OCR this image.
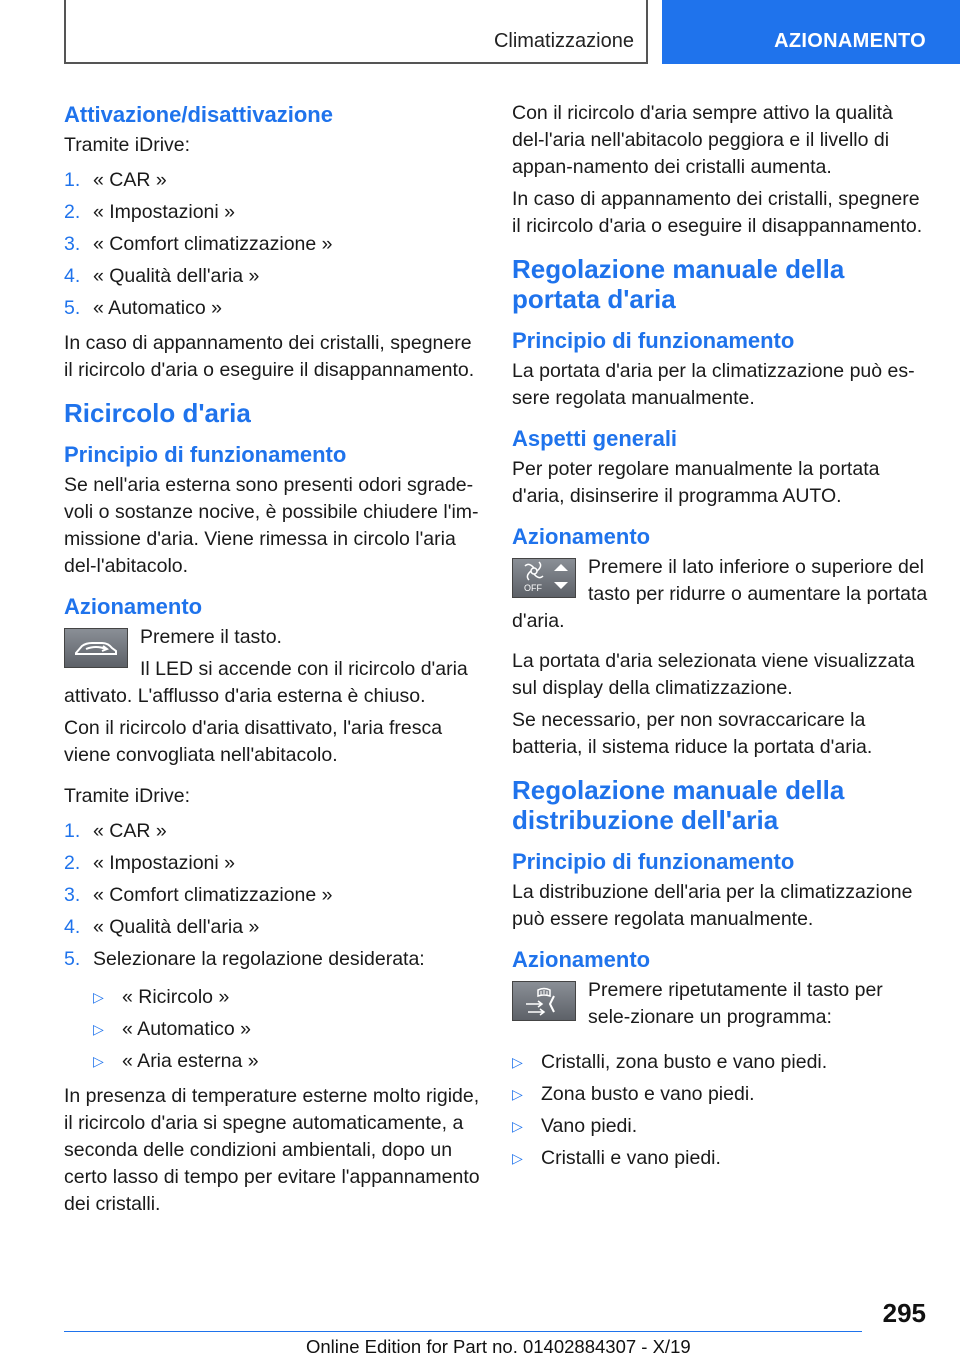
Climatizzazione	AZIONAMENTO
Attivazione/disattivazione

Tramite iDrive:

1. « CAR »
2. « Impostazioni »
3. « Comfort climatizzazione »
4. « Qualità dell'aria »
5. « Automatico »

In caso di appannamento dei cristalli, spegnere il ricircolo d'aria o eseguire il disappannamento.

Ricircolo d'aria
Principio di funzionamento

Se nell'aria esterna sono presenti odori sgrade-voli o sostanze nocive, è possibile chiudere l'im-missione d'aria. Viene rimessa in circolo l'aria del-l'abitacolo.

Azionamento

Premere il tasto.

Il LED si accende con il ricircolo d'aria attivato. L'afflusso d'aria esterna è chiuso.

Con il ricircolo d'aria disattivato, l'aria fresca viene convogliata nell'abitacolo.

Tramite iDrive:

1. « CAR »
2. « Impostazioni »
3. « Comfort climatizzazione »
4. « Qualità dell'aria »
5. Selezionare la regolazione desiderata:
▷ « Ricircolo »
▷ « Automatico »
▷ « Aria esterna »

In presenza di temperature esterne molto rigide, il ricircolo d'aria si spegne automaticamente, a seconda delle condizioni ambientali, dopo un certo lasso di tempo per evitare l'appannamento dei cristalli.

Con il ricircolo d'aria sempre attivo la qualità del-l'aria nell'abitacolo peggiora e il livello di appan-namento dei cristalli aumenta.

In caso di appannamento dei cristalli, spegnere il ricircolo d'aria o eseguire il disappannamento.

Regolazione manuale della portata d'aria
Principio di funzionamento

La portata d'aria per la climatizzazione può es-sere regolata manualmente.

Aspetti generali

Per poter regolare manualmente la portata d'aria, disinserire il programma AUTO.

Azionamento
OFF

Premere il lato inferiore o superiore del tasto per ridurre o aumentare la portata d'aria.

La portata d'aria selezionata viene visualizzata sul display della climatizzazione.

Se necessario, per non sovraccaricare la batteria, il sistema riduce la portata d'aria.

Regolazione manuale della distribuzione dell'aria
Principio di funzionamento

La distribuzione dell'aria per la climatizzazione può essere regolata manualmente.

Azionamento

Premere ripetutamente il tasto per sele-zionare un programma:

▷ Cristalli, zona busto e vano piedi.
▷ Zona busto e vano piedi.
▷ Vano piedi.
▷ Cristalli e vano piedi.
295
Online Edition for Part no. 01402884307 - X/19
